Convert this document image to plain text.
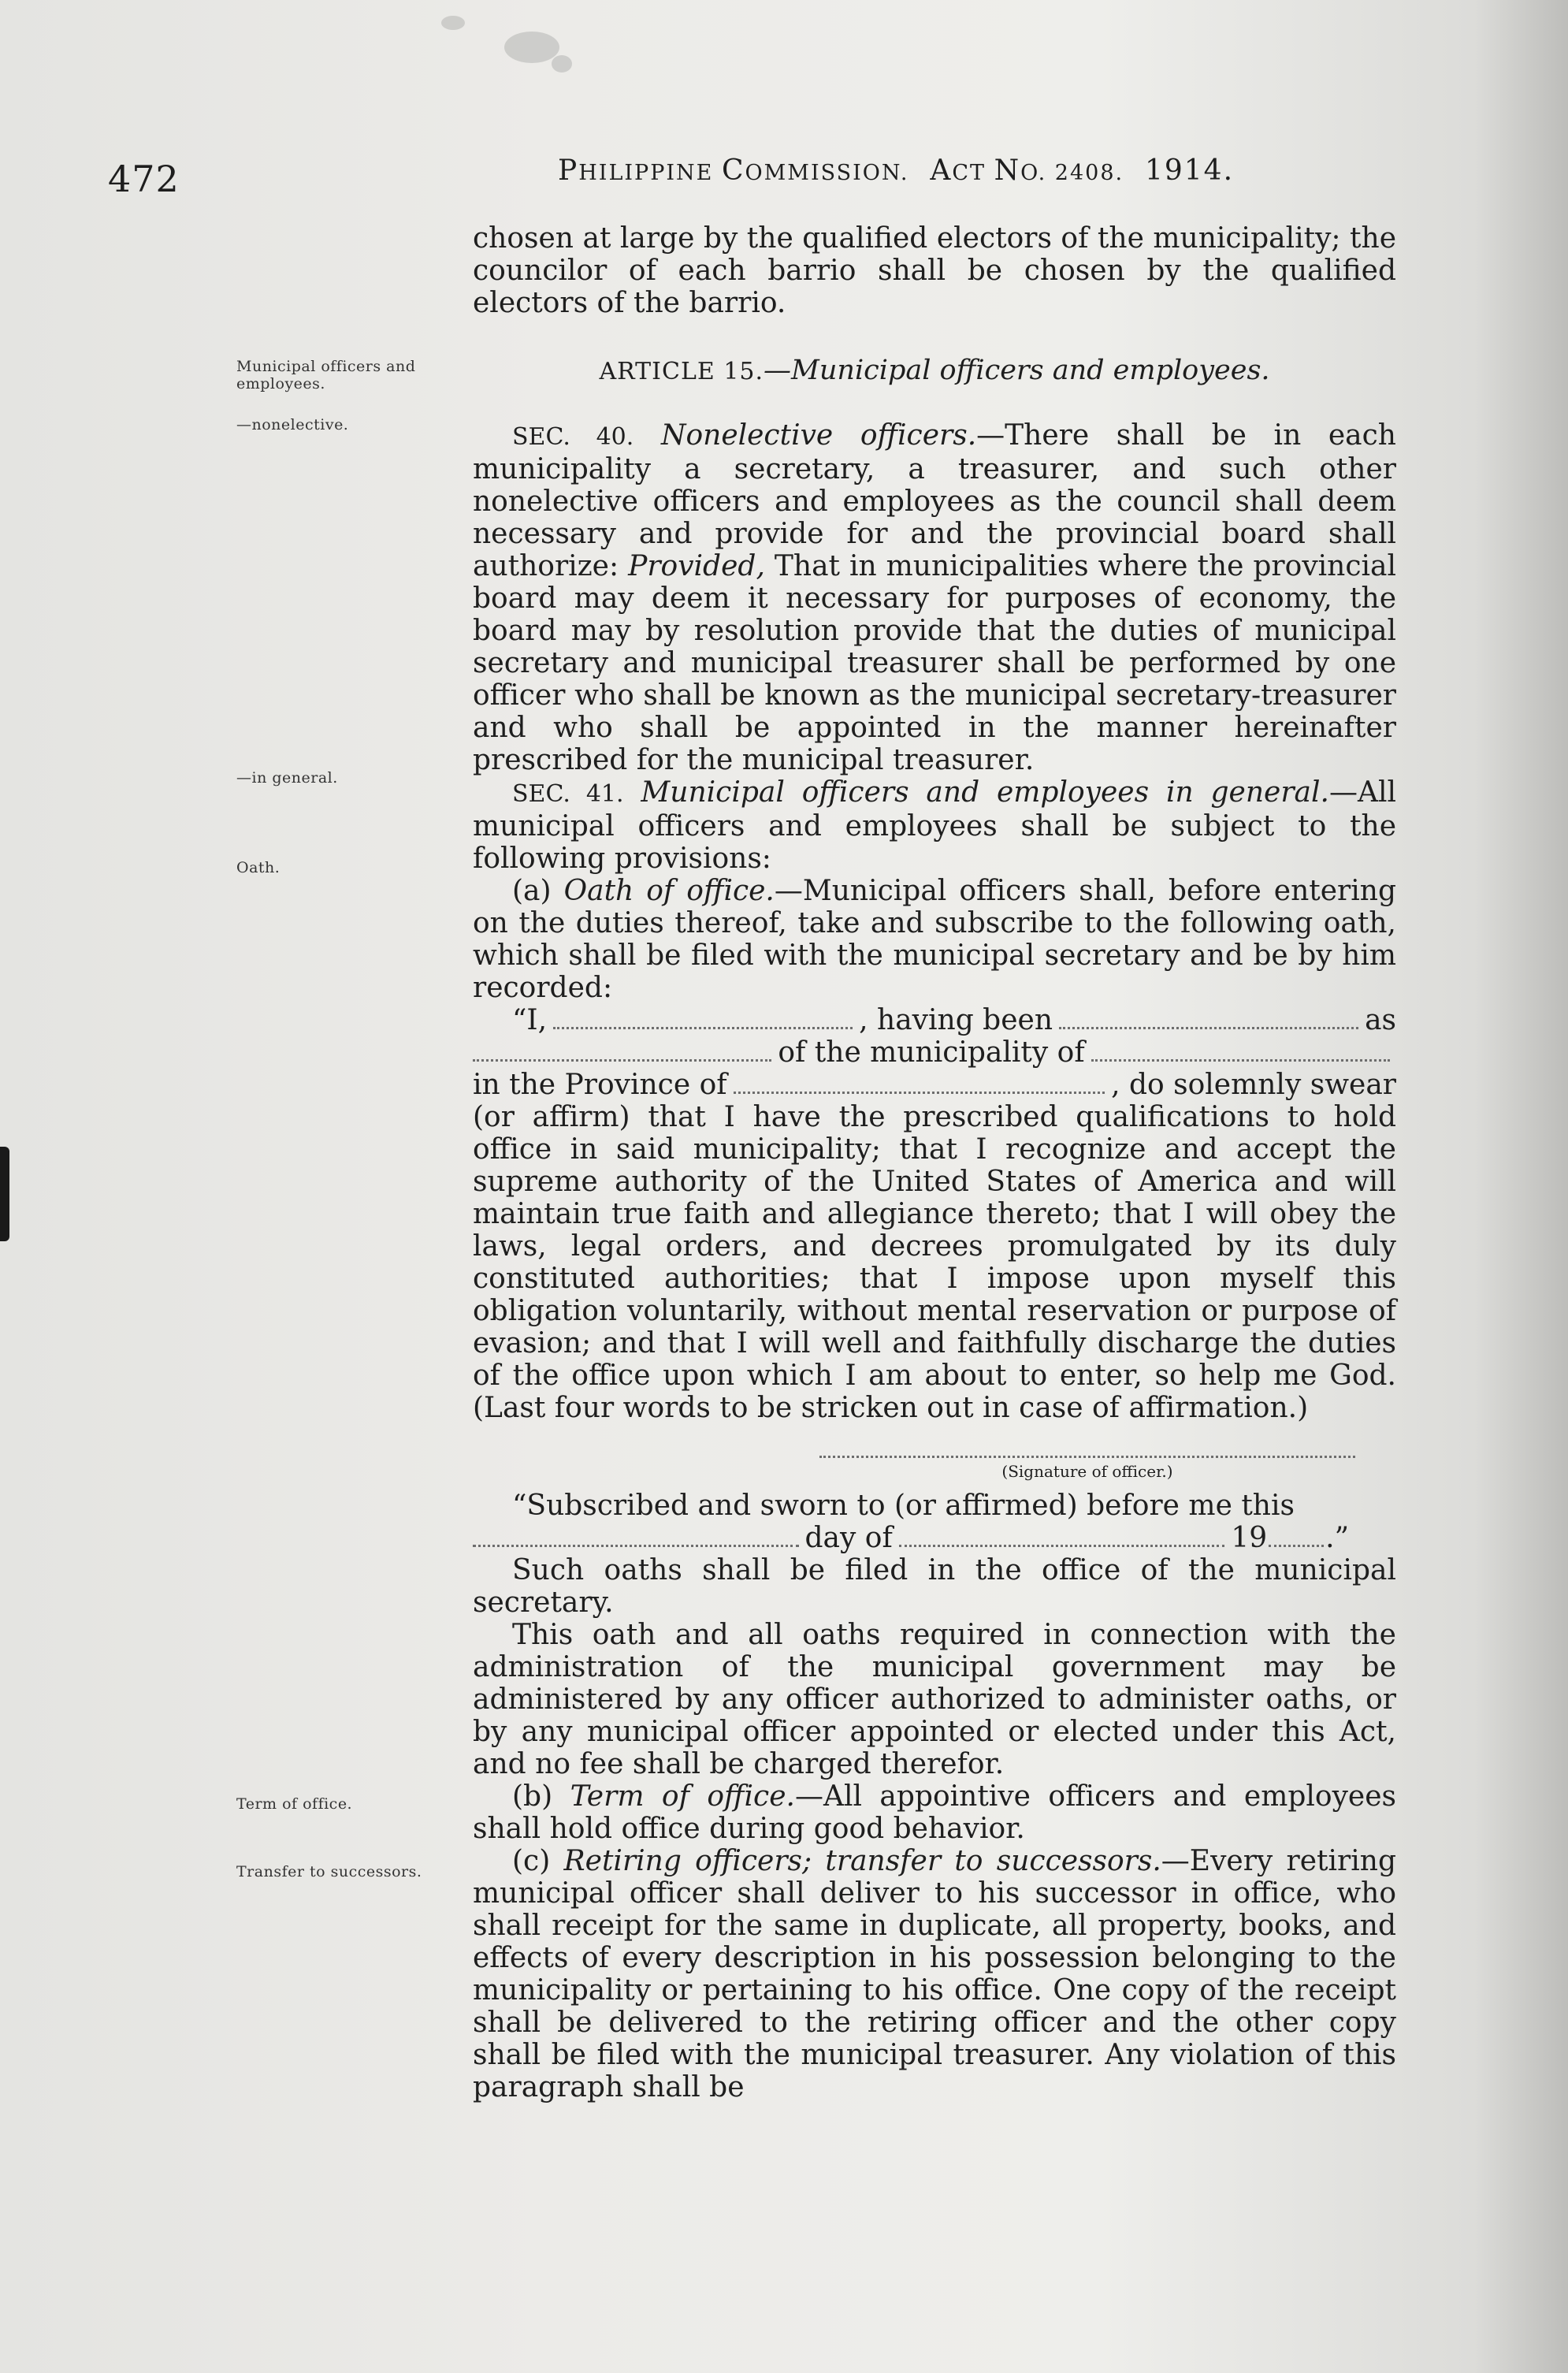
472	PHILIPPINE COMMISSION. ACT NO. 2408. 1914.
Municipal officers and employees.
—nonelective.
—in general.
Oath.
Term of office.
Transfer to successors.

chosen at large by the qualified electors of the municipality; the councilor of each barrio shall be chosen by the qualified electors of the barrio.

ARTICLE 15.—Municipal officers and employees.

SEC. 40. Nonelective officers.—There shall be in each municipality a secretary, a treasurer, and such other nonelective officers and employees as the council shall deem necessary and provide for and the provincial board shall authorize: Provided, That in municipalities where the provincial board may deem it necessary for purposes of economy, the board may by resolution provide that the duties of municipal secretary and municipal treasurer shall be performed by one officer who shall be known as the municipal secretary-treasurer and who shall be appointed in the manner hereinafter prescribed for the municipal treasurer.

SEC. 41. Municipal officers and employees in general.—All municipal officers and employees shall be subject to the following provisions:

(a) Oath of office.—Municipal officers shall, before entering on the duties thereof, take and subscribe to the following oath, which shall be filed with the municipal secretary and be by him recorded:

“I,	, having been	as
of the municipality of
in the Province of	, do solemnly swear

(or affirm) that I have the prescribed qualifications to hold office in said municipality; that I recognize and accept the supreme authority of the United States of America and will maintain true faith and allegiance thereto; that I will obey the laws, legal orders, and decrees promulgated by its duly constituted authorities; that I impose upon myself this obligation voluntarily, without mental reservation or purpose of evasion; and that I will well and faithfully discharge the duties of the office upon which I am about to enter, so help me God. (Last four words to be stricken out in case of affirmation.)

(Signature of officer.)

“Subscribed and sworn to (or affirmed) before me this

day of	19 .”

Such oaths shall be filed in the office of the municipal secretary.

This oath and all oaths required in connection with the administration of the municipal government may be administered by any officer authorized to administer oaths, or by any municipal officer appointed or elected under this Act, and no fee shall be charged therefor.

(b) Term of office.—All appointive officers and employees shall hold office during good behavior.

(c) Retiring officers; transfer to successors.—Every retiring municipal officer shall deliver to his successor in office, who shall receipt for the same in duplicate, all property, books, and effects of every description in his possession belonging to the municipality or pertaining to his office. One copy of the receipt shall be delivered to the retiring officer and the other copy shall be filed with the municipal treasurer. Any violation of this paragraph shall be
